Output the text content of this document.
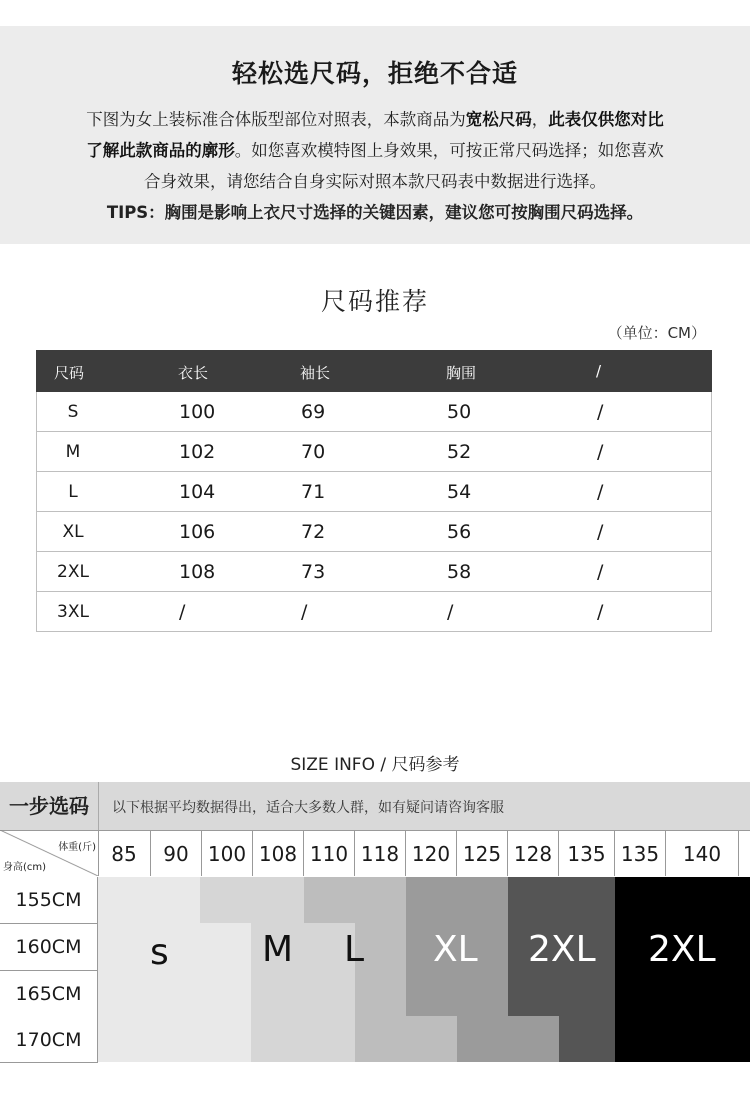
轻松选尺码，拒绝不合适
下图为女上装标准合体版型部位对照表，本款商品为宽松尺码，此表仅供您对比
了解此款商品的廓形。如您喜欢模特图上身效果，可按正常尺码选择；如您喜欢
合身效果，请您结合自身实际对照本款尺码表中数据进行选择。
TIPS：胸围是影响上衣尺寸选择的关键因素，建议您可按胸围尺码选择。
尺码推荐
（单位：CM）
尺码	衣长	袖长	胸围	/
S	100	69	50	/
M	102	70	52	/
L	104	71	54	/
XL	106	72	56	/
2XL	108	73	58	/
3XL	/	/	/	/
SIZE INFO / 尺码参考
一步选码	以下根据平均数据得出，适合大多数人群，如有疑问请咨询客服
体重(斤)
身高(cm)
85	90 100 108 110 118 120 125 128 135 135	140
155CM
160CM
165CM
170CM
s	M L XL 2XL 2XL
